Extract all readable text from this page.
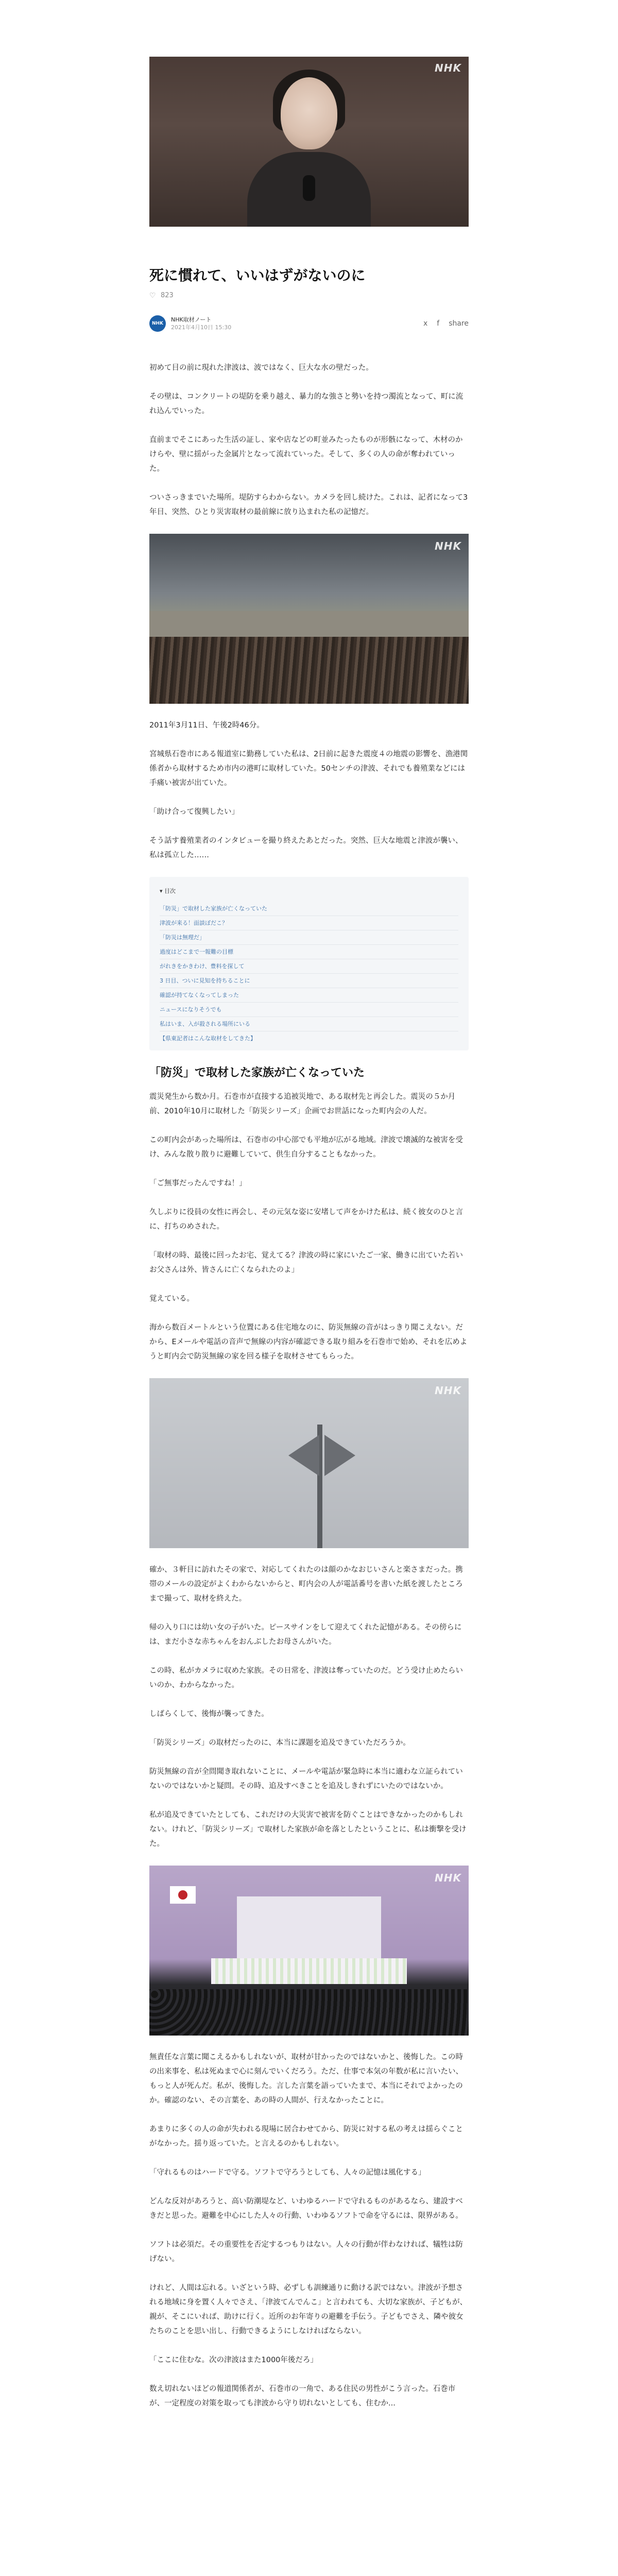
NHK
死に慣れて、いいはずがないのに
♡ 823
NHK
NHK取材ノート
2021年4月10日 15:30	x f share

初めて目の前に現れた津波は、波ではなく、巨大な水の壁だった。

その壁は、コンクリートの堤防を乗り越え、暴力的な強さと勢いを持つ濁流となって、町に流れ込んでいった。

直前までそこにあった生活の証し、家や店などの町並みたったものが形骸になって、木材のかけらや、壁に揺がった金属片となって流れていった。そして、多くの人の命が奪われていった。

ついさっきまでいた場所。堤防すらわからない。カメラを回し続けた。これは、記者になって3年目、突然、ひとり災害取材の最前線に放り込まれた私の記憶だ。

NHK

2011年3月11日、午後2時46分。

宮城県石巻市にある報道室に勤務していた私は、2日前に起きた震度４の地震の影響を、漁港関係者から取材するため市内の港町に取材していた。50センチの津波、それでも養殖業などには手痛い被害が出ていた。

「助け合って復興したい」

そう話す養殖業者のインタビューを撮り終えたあとだった。突然、巨大な地震と津波が襲い、私は孤立した……

▾ 目次
「防災」で取材した家族が亡くなっていた
津波が来る！面談ぼだこ？
「防災は無理だ」
過度はどこまで一報難の目標
がれきをかきわけ、豊料を探して
3 日目、ついに見知を持ちることに
確認が持てなくなってしまった
ニュースになりそうでも
私はいま、入が殺される場所にいる
【県東記者はこんな取材をしてきた】
「防災」で取材した家族が亡くなっていた

震災発生から数か月。石巻市が直接する追被災地で、ある取材先と再会した。震災の５か月前、2010年10月に取材した「防災シリーズ」企画でお世話になった町内会の人だ。

この町内会があった場所は、石巻市の中心部でも平地が広がる地域。津波で壊滅的な被害を受け、みんな散り散りに避難していて、供生自分することもなかった。

「ご無事だったんですね！」

久しぶりに役員の女性に再会し、その元気な姿に安堵して声をかけた私は、続く彼女のひと言に、打ちのめされた。

「取材の時、最後に回ったお宅、覚えてる？津波の時に家にいたご一家、働きに出ていた若いお父さんは外、皆さんに亡くなられたのよ」

覚えている。

海から数百メートルという位置にある住宅地なのに、防災無線の音がはっきり聞こえない。だから、Eメールや電話の音声で無線の内容が確認できる取り組みを石巻市で始め、それを広めようと町内会で防災無線の家を回る様子を取材させてもらった。

NHK

確か、３軒目に訪れたその家で、対応してくれたのは顔のかなおじいさんと楽さまだった。携帯のメールの設定がよくわからないからと、町内会の人が電話番号を書いた紙を渡したところまで撮って、取材を終えた。

帰の入り口には幼い女の子がいた。ピースサインをして迎えてくれた記憶がある。その傍らには、まだ小さな赤ちゃんをおんぶしたお母さんがいた。

この時、私がカメラに収めた家族。その日常を、津波は奪っていたのだ。どう受け止めたらいいのか、わからなかった。

しばらくして、後悔が襲ってきた。

「防災シリーズ」の取材だったのに、本当に課題を追及できていただろうか。

防災無線の音が全問聞き取れないことに、メールや電話が緊急時に本当に適わな立証られていないのではないかと疑問。その時、追及すべきことを追及しきれずにいたのではないか。

私が追及できていたとしても、これだけの大災害で被害を防ぐことはできなかったのかもしれない。けれど、「防災シリーズ」で取材した家族が命を落としたということに、私は衝撃を受けた。

NHK

無責任な言葉に聞こえるかもしれないが、取材が甘かったのではないかと、後悔した。この時の出来事を、私は死ぬまで心に刻んでいくだろう。ただ、仕事で本気の年数が私に言いたい、もっと人が死んだ。私が、後悔した。言した言葉を語っていたまで、本当にそれでよかったのか。確認のない、その言葉を、あの時の人間が、行えなかったことに。

あまりに多くの人の命が失われる現場に居合わせてから、防災に対する私の考えは揺らぐことがなかった。揺り返っていた。と言えるのかもしれない。

「守れるものはハードで守る。ソフトで守ろうとしても、人々の記憶は風化する」

どんな反対があろうと、高い防潮堤など、いわゆるハードで守れるものがあるなら、建設すべきだと思った。避難を中心にした人々の行動、いわゆるソフトで命を守るには、限界がある。

ソフトは必須だ。その重要性を否定するつもりはない。人々の行動が伴わなければ、犠牲は防げない。

けれど、人間は忘れる。いざという時、必ずしも訓練通りに動ける訳ではない。津波が予想される地域に身を置く人々でさえ、「津波てんでんこ」と言われても、大切な家族が、子どもが、親が、そこにいれば、助けに行く。近所のお年寄りの避難を手伝う。子どもでさえ、隣や彼女たちのことを思い出し、行動できるようにしなければならない。

「ここに住むな。次の津波はまた1000年後だろ」

数え切れないほどの報道関係者が、石巻市の一角で、ある住民の男性がこう言った。石巻市が、一定程度の対策を取っても津波から守り切れないとしても、住むか...
